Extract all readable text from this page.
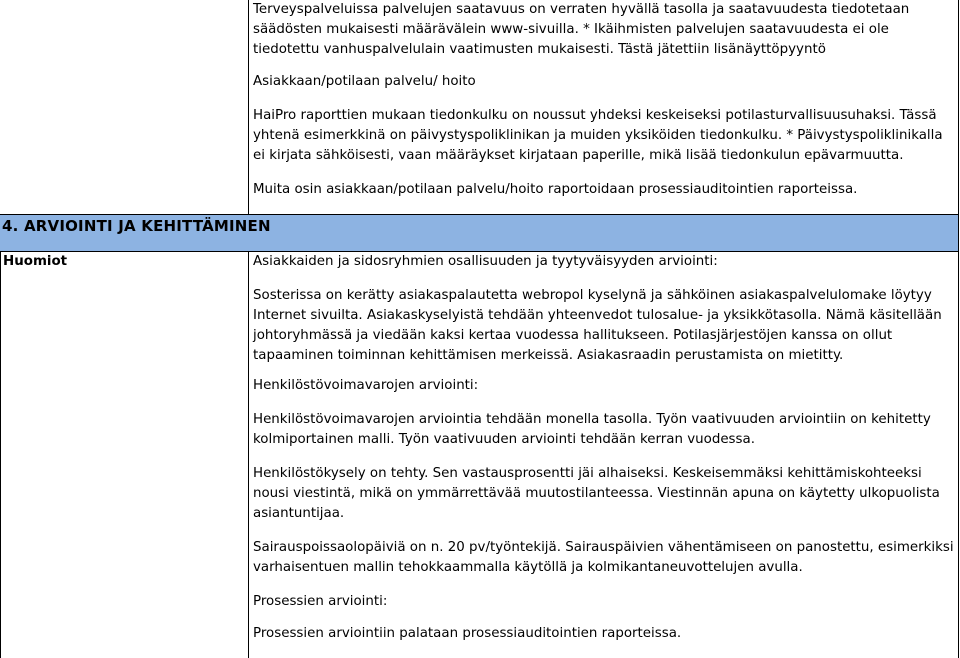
Terveyspalveluissa palvelujen saatavuus on verraten hyvällä tasolla ja saatavuudesta tiedotetaan säädösten mukaisesti määrävälein www-sivuilla. * Ikäihmisten palvelujen saatavuudesta ei ole tiedotettu vanhuspalvelulain vaatimusten mukaisesti. Tästä jätettiin lisänäyttöpyyntö

Asiakkaan/potilaan palvelu/ hoito

HaiPro raporttien mukaan tiedonkulku on noussut yhdeksi keskeiseksi potilasturvallisuusuhaksi. Tässä yhtenä esimerkkinä on päivystyspoliklinikan ja muiden yksiköiden tiedonkulku. * Päivystyspoliklinikalla ei kirjata sähköisesti, vaan määräykset kirjataan paperille, mikä lisää tiedonkulun epävarmuutta.

Muita osin asiakkaan/potilaan palvelu/hoito raportoidaan prosessiauditointien raporteissa.

4. ARVIOINTI JA KEHITTÄMINEN

Huomiot	Asiakkaiden ja sidosryhmien osallisuuden ja tyytyväisyyden arviointi:

Sosterissa on kerätty asiakaspalautetta webropol kyselynä ja sähköinen asiakaspalvelulomake löytyy Internet sivuilta. Asiakaskyselyistä tehdään yhteenvedot tulosalue- ja yksikkötasolla. Nämä käsitellään johtoryhmässä ja viedään kaksi kertaa vuodessa hallitukseen. Potilasjärjestöjen kanssa on ollut tapaaminen toiminnan kehittämisen merkeissä. Asiakasraadin perustamista on mietitty.

Henkilöstövoimavarojen arviointi:

Henkilöstövoimavarojen arviointia tehdään monella tasolla. Työn vaativuuden arviointiin on kehitetty kolmiportainen malli. Työn vaativuuden arviointi tehdään kerran vuodessa.

Henkilöstökysely on tehty. Sen vastausprosentti jäi alhaiseksi. Keskeisemmäksi kehittämiskohteeksi nousi viestintä, mikä on ymmärrettävää muutostilanteessa. Viestinnän apuna on käytetty ulkopuolista asiantuntijaa.

Sairauspoissaolopäiviä on n. 20 pv/työntekijä. Sairauspäivien vähentämiseen on panostettu, esimerkiksi varhaisentuen mallin tehokkaammalla käytöllä ja kolmikantaneuvottelujen avulla.

Prosessien arviointi:

Prosessien arviointiin palataan prosessiauditointien raporteissa.
